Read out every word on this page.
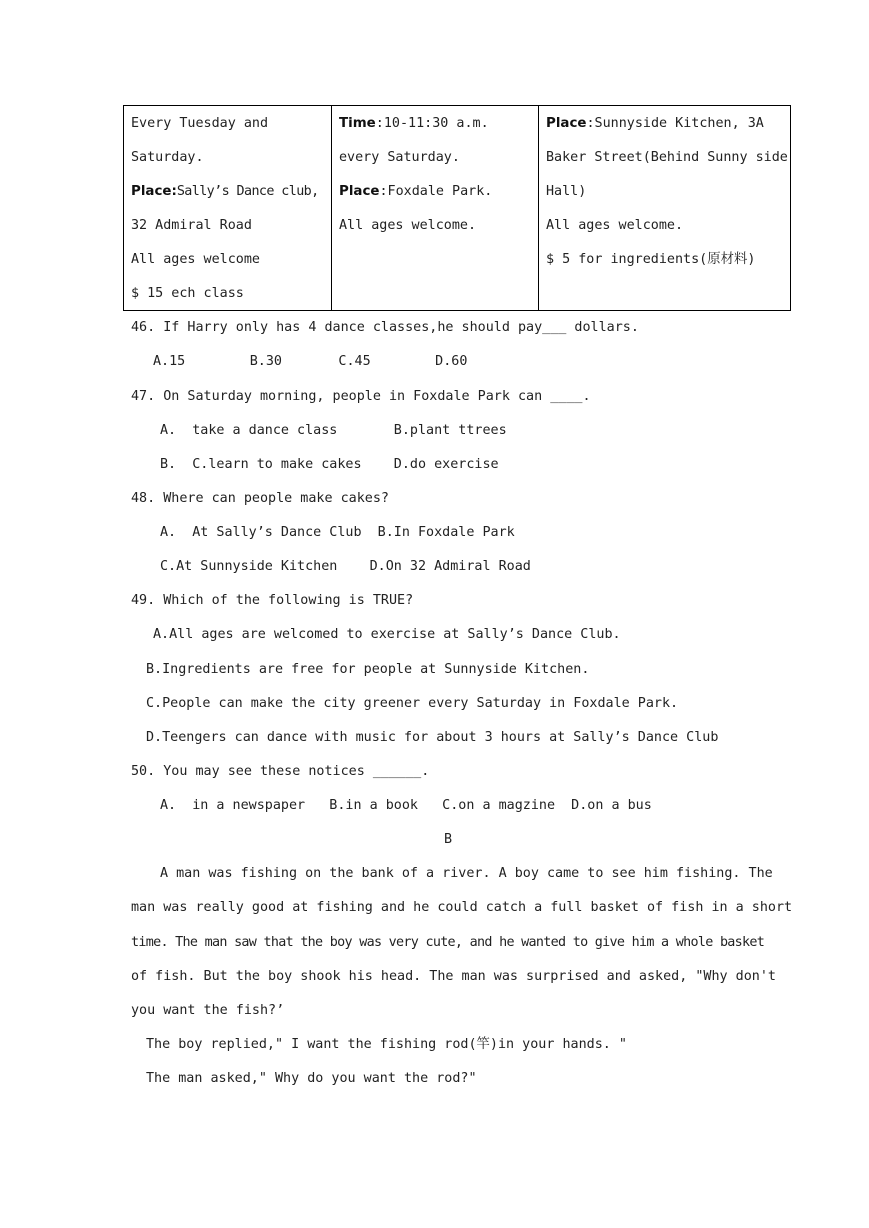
Every Tuesday and
Saturday.
Place:Sally’s Dance club,
32 Admiral Road
All ages welcome
$ 15 ech class
Time:10-11:30 a.m.
every Saturday.
Place:Foxdale Park.
All ages welcome.
Place:Sunnyside Kitchen, 3A
Baker Street(Behind Sunny side
Hall)
All ages welcome.
$ 5 for ingredients(原材料)
46. If Harry only has 4 dance classes,he should pay___ dollars.
A.15        B.30       C.45        D.60
47. On Saturday morning, people in Foxdale Park can ____.
A.  take a dance class       B.plant ttrees
B.  C.learn to make cakes    D.do exercise
48. Where can people make cakes?
A.  At Sally’s Dance Club  B.In Foxdale Park
C.At Sunnyside Kitchen    D.On 32 Admiral Road
49. Which of the following is TRUE?
A.All ages are welcomed to exercise at Sally’s Dance Club.
B.Ingredients are free for people at Sunnyside Kitchen.
C.People can make the city greener every Saturday in Foxdale Park.
D.Teengers can dance with music for about 3 hours at Sally’s Dance Club
50. You may see these notices ______.
A.  in a newspaper   B.in a book   C.on a magzine  D.on a bus
B
A man was fishing on the bank of a river. A boy came to see him fishing. The
man was really good at fishing and he could catch a full basket of fish in a short
time. The man saw that the boy was very cute, and he wanted to give him a whole basket
of fish. But the boy shook his head. The man was surprised and asked, "Why don't
you want the fish?’
The boy replied," I want the fishing rod(竿)in your hands. "
The man asked," Why do you want the rod?"
